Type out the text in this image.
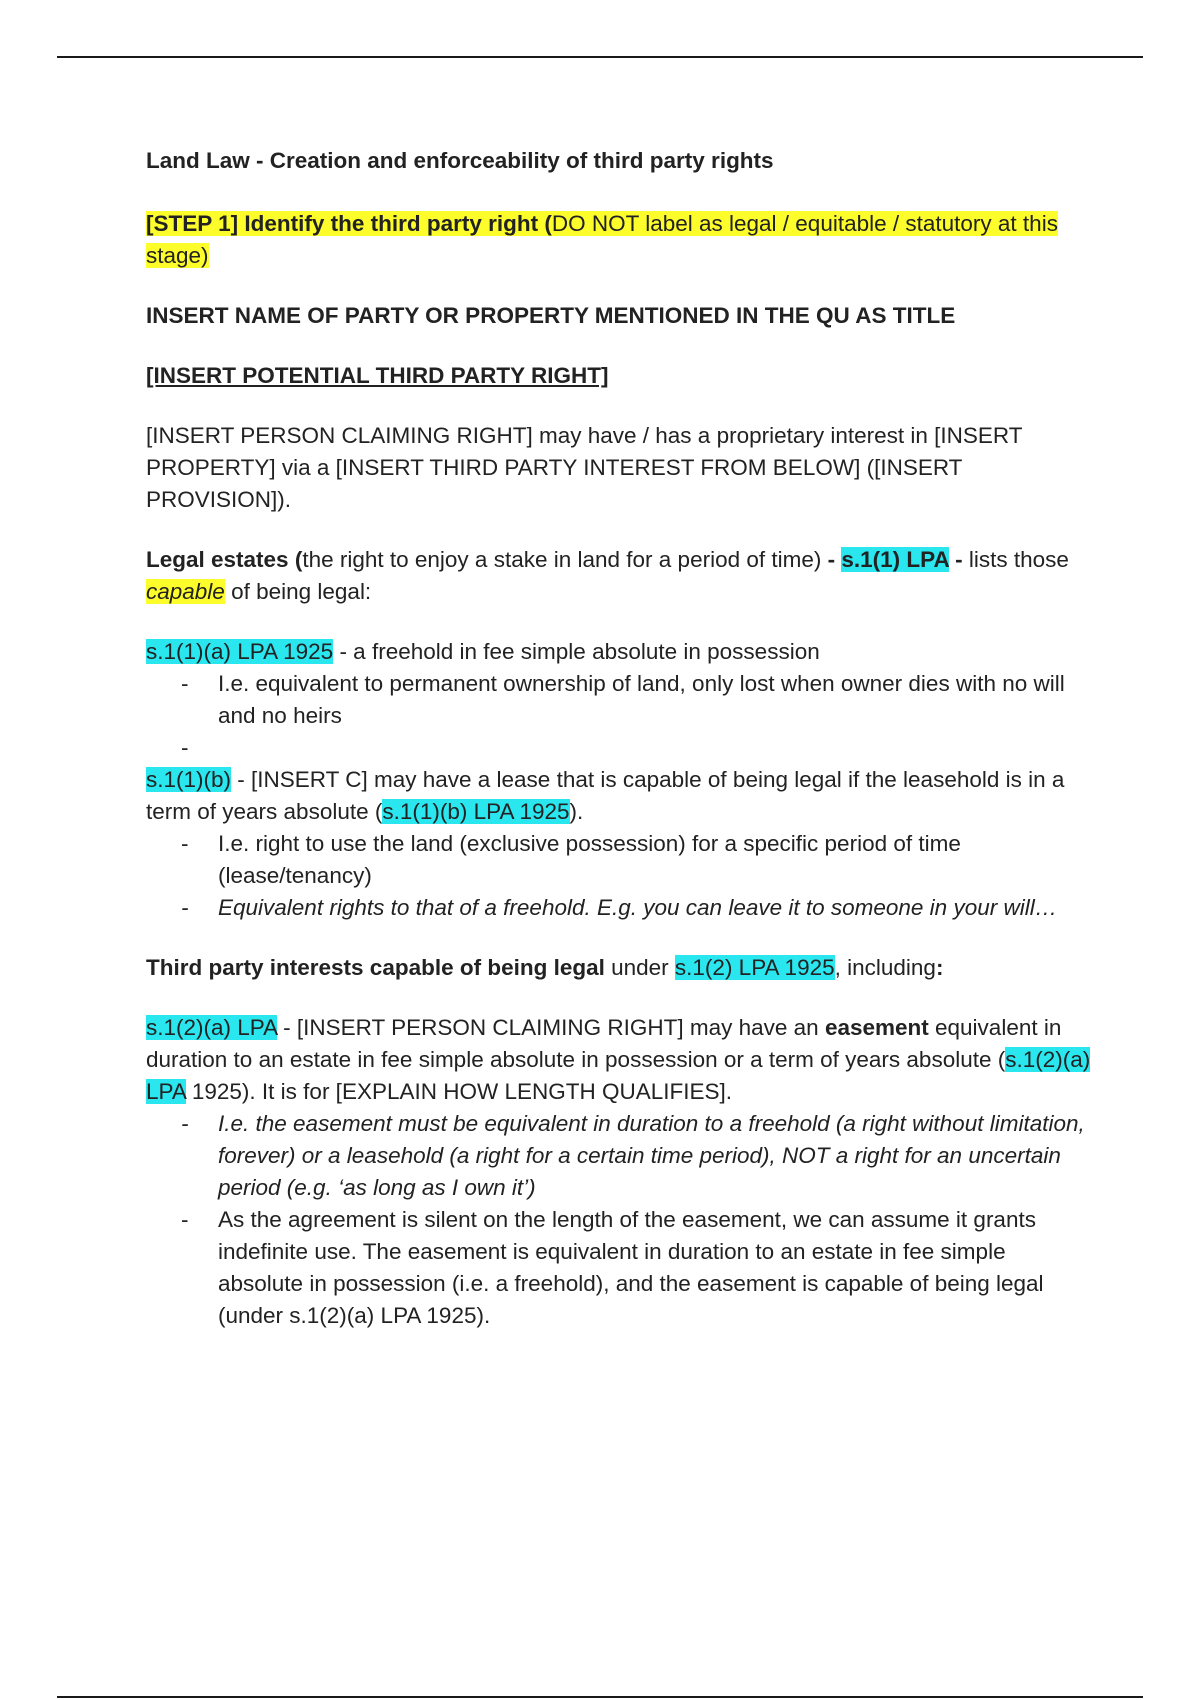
Land Law - Creation and enforceability of third party rights

[STEP 1] Identify the third party right (DO NOT label as legal / equitable / statutory at this stage)

INSERT NAME OF PARTY OR PROPERTY MENTIONED IN THE QU AS TITLE

[INSERT POTENTIAL THIRD PARTY RIGHT]

[INSERT PERSON CLAIMING RIGHT] may have / has a proprietary interest in [INSERT PROPERTY] via a [INSERT THIRD PARTY INTEREST FROM BELOW] ([INSERT PROVISION]).

Legal estates (the right to enjoy a stake in land for a period of time) - s.1(1) LPA - lists those capable of being legal:

s.1(1)(a) LPA 1925 - a freehold in fee simple absolute in possession

- I.e. equivalent to permanent ownership of land, only lost when owner dies with no will and no heirs
-

s.1(1)(b) - [INSERT C] may have a lease that is capable of being legal if the leasehold is in a term of years absolute (s.1(1)(b) LPA 1925).

- I.e. right to use the land (exclusive possession) for a specific period of time (lease/tenancy)
- Equivalent rights to that of a freehold. E.g. you can leave it to someone in your will…

Third party interests capable of being legal under s.1(2) LPA 1925, including:

s.1(2)(a) LPA - [INSERT PERSON CLAIMING RIGHT] may have an easement equivalent in duration to an estate in fee simple absolute in possession or a term of years absolute (s.1(2)(a) LPA 1925). It is for [EXPLAIN HOW LENGTH QUALIFIES].

- I.e. the easement must be equivalent in duration to a freehold (a right without limitation, forever) or a leasehold (a right for a certain time period), NOT a right for an uncertain period (e.g. ‘as long as I own it’)
- As the agreement is silent on the length of the easement, we can assume it grants indefinite use. The easement is equivalent in duration to an estate in fee simple absolute in possession (i.e. a freehold), and the easement is capable of being legal (under s.1(2)(a) LPA 1925).
